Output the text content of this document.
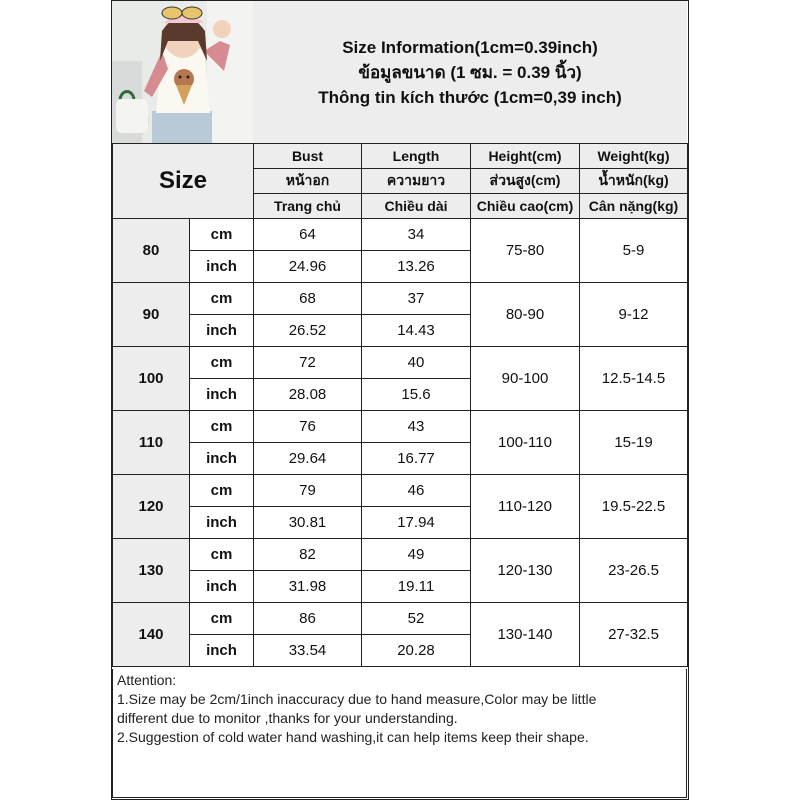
Size Information(1cm=0.39inch)
ข้อมูลขนาด (1 ซม. = 0.39 นิ้ว)
Thông tin kích thước (1cm=0,39 inch)
Size		Bust	Length	Height(cm)	Weight(kg)
		หน้าอก	ความยาว	ส่วนสูง(cm)	น้ำหนัก(kg)
		Trang chủ	Chiều dài	Chiều cao(cm)	Cân nặng(kg)
80	cm	64	34	75-80	5-9
	inch	24.96	13.26		
90	cm	68	37	80-90	9-12
	inch	26.52	14.43		
100	cm	72	40	90-100	12.5-14.5
	inch	28.08	15.6		
110	cm	76	43	100-110	15-19
	inch	29.64	16.77		
120	cm	79	46	110-120	19.5-22.5
	inch	30.81	17.94		
130	cm	82	49	120-130	23-26.5
	inch	31.98	19.11		
140	cm	86	52	130-140	27-32.5
	inch	33.54	20.28		
Attention:
1.Size may be 2cm/1inch inaccuracy due to hand measure,Color may be little
different due to monitor ,thanks for your understanding.
2.Suggestion of cold water hand washing,it can help items keep their shape.
